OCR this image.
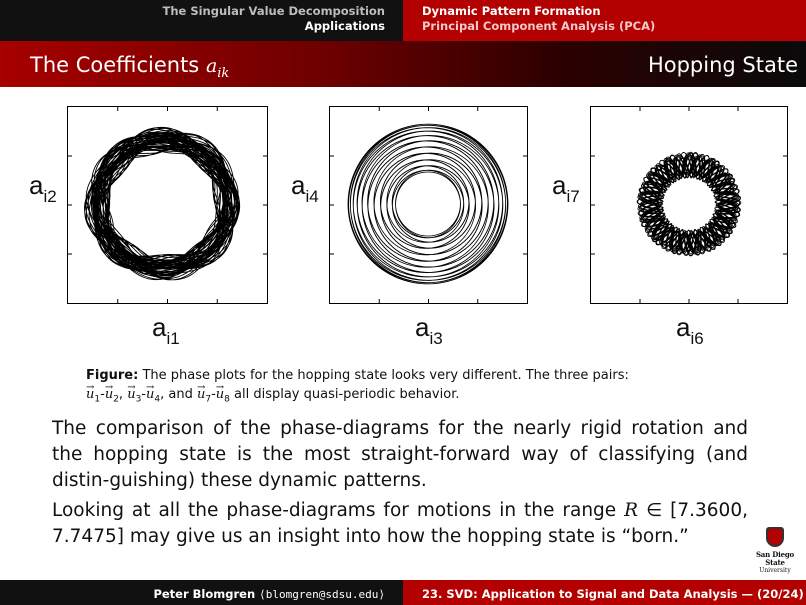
The Singular Value Decomposition
Applications
Dynamic Pattern Formation
Principal Component Analysis (PCA)
The Coefficients $a_{ik}$	Hopping State
$a_{i2}$
$a_{i1}$
$a_{i4}$
$a_{i3}$
$a_{i7}$
$a_{i6}$
Figure: The phase plots for the hopping state looks very different. The three pairs:
→ $u_1-\to u_2$, → $u_3-\to u_4$, and → $u_7-\to u_8$ all display quasi-periodic behavior.
The comparison of the phase-diagrams for the nearly rigid rotation and the hopping state is the most straight-forward way of classifying (and distin-guishing) these dynamic patterns.
Looking at all the phase-diagrams for motions in the range R ∈ [7.3600, 7.7475] may give us an insight into how the hopping state is “born.”
San Diego State
University
Peter Blomgren ⟨blomgren@sdsu.edu⟩	23. SVD: Application to Signal and Data Analysis — (20/24)
